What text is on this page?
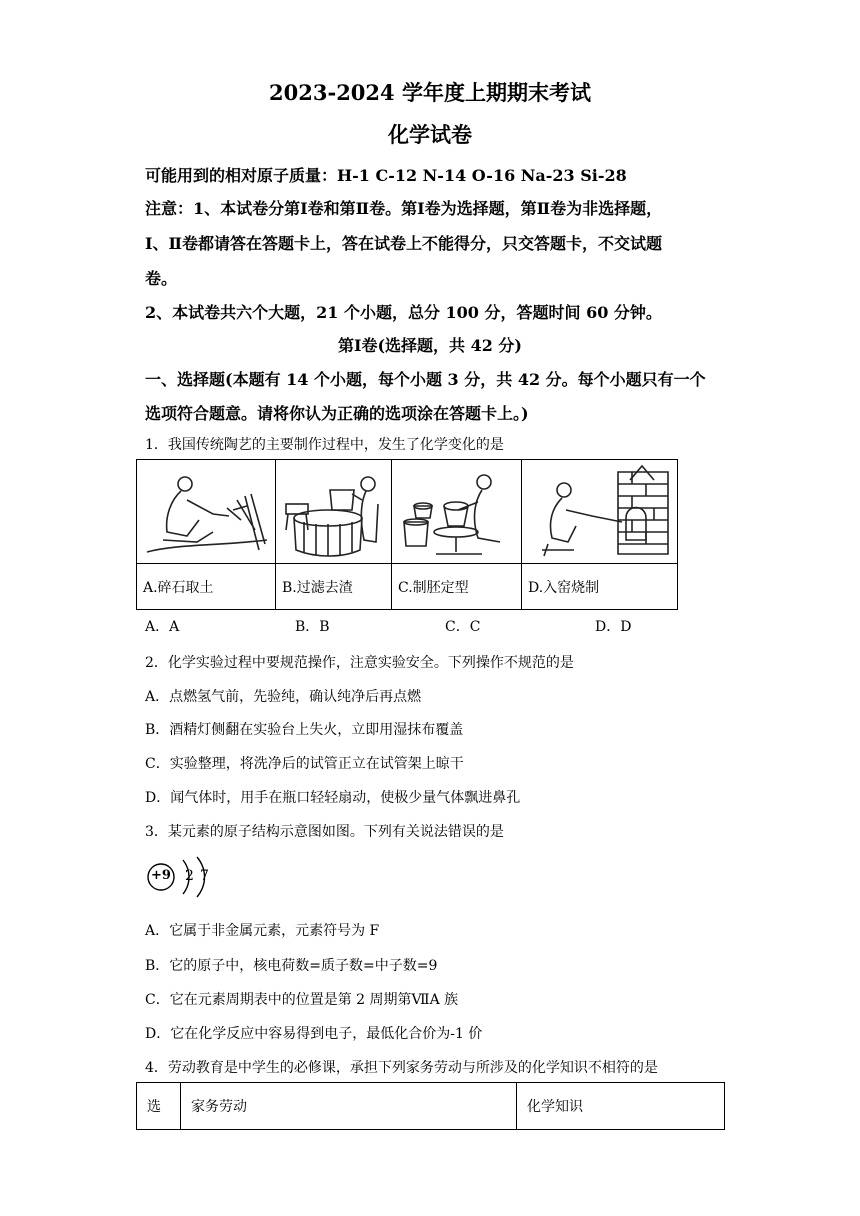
2023-2024 学年度上期期末考试
化学试卷
可能用到的相对原子质量：H-1 C-12 N-14 O-16 Na-23 Si-28
注意：1、本试卷分第Ⅰ卷和第Ⅱ卷。第Ⅰ卷为选择题，第Ⅱ卷为非选择题，
Ⅰ、Ⅱ卷都请答在答题卡上，答在试卷上不能得分，只交答题卡，不交试题
卷。
2、本试卷共六个大题，21 个小题，总分 100 分，答题时间 60 分钟。
第Ⅰ卷(选择题，共 42 分)
一、选择题(本题有 14 个小题，每个小题 3 分，共 42 分。每个小题只有一个
选项符合题意。请将你认为正确的选项涂在答题卡上。)
1．我国传统陶艺的主要制作过程中，发生了化学变化的是

A.碎石取土	B.过滤去渣	C.制胚定型	D.入窑烧制
A．A	B．B	C．C	D．D
2．化学实验过程中要规范操作，注意实验安全。下列操作不规范的是
A．点燃氢气前，先验纯，确认纯净后再点燃
B．酒精灯侧翻在实验台上失火，立即用湿抹布覆盖
C．实验整理，将洗净后的试管正立在试管架上晾干
D．闻气体时，用手在瓶口轻轻扇动，使极少量气体飘进鼻孔
3．某元素的原子结构示意图如图。下列有关说法错误的是
+9 2 7
A．它属于非金属元素，元素符号为 F
B．它的原子中，核电荷数=质子数=中子数=9
C．它在元素周期表中的位置是第 2 周期第ⅦA 族
D．它在化学反应中容易得到电子，最低化合价为-1 价
4．劳动教育是中学生的必修课，承担下列家务劳动与所涉及的化学知识不相符的是
选	家务劳动	化学知识
